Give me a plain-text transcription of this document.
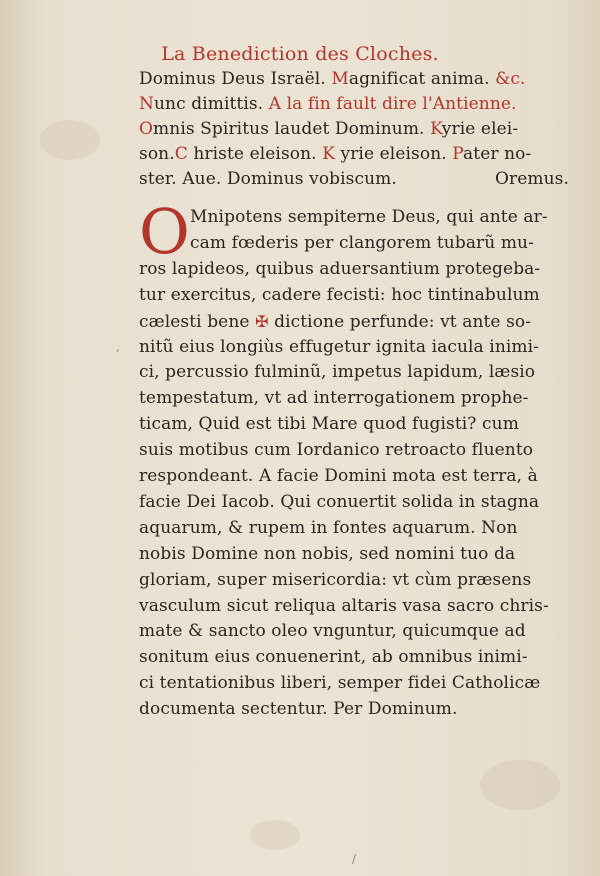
La Benediction des Cloches.
Dominus Deus Israël. Magnificat anima. &c.
Nunc dimittis. A la fin fault dire l'Antienne.
Omnis Spiritus laudet Dominum. Kyrie elei-
son.C hriste eleison. K yrie eleison. Pater no-
ster. Aue. Dominus vobiscum.	Oremus.
O Mnipotens sempiterne Deus, qui ante ar-
cam fœderis per clangorem tubarũ mu-
ros lapideos, quibus aduersantium protegeba-
tur exercitus, cadere fecisti: hoc tintinabulum
cælesti bene ✠ dictione perfunde: vt ante so-
nitũ eius longiùs effugetur ignita iacula inimi-
ci, percussio fulminũ, impetus lapidum, læsio
tempestatum, vt ad interrogationem prophe-
ticam, Quid est tibi Mare quod fugisti? cum
suis motibus cum Iordanico retroacto fluento
respondeant. A facie Domini mota est terra, à
facie Dei Iacob. Qui conuertit solida in stagna
aquarum, & rupem in fontes aquarum. Non
nobis Domine non nobis, sed nomini tuo da
gloriam, super misericordia: vt cùm præsens
vasculum sicut reliqua altaris vasa sacro chris-
mate & sancto oleo vnguntur, quicumque ad
sonitum eius conuenerint, ab omnibus inimi-
ci tentationibus liberi, semper fidei Catholicæ
documenta sectentur. Per Dominum.
,
/
